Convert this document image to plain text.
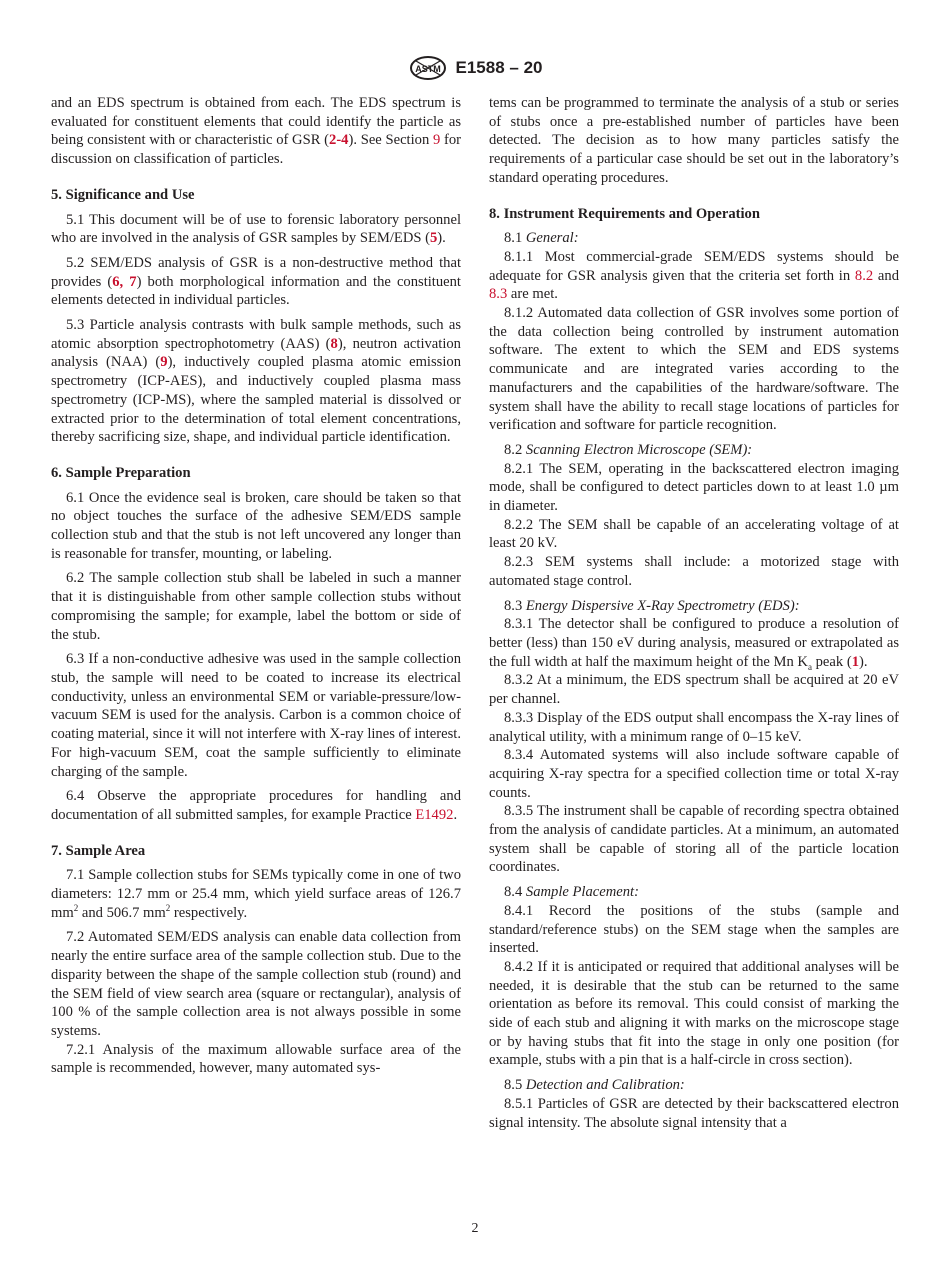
ASTM E1588 – 20

and an EDS spectrum is obtained from each. The EDS spectrum is evaluated for constituent elements that could identify the particle as being consistent with or characteristic of GSR (2-4). See Section 9 for discussion on classification of particles.

5. Significance and Use

5.1 This document will be of use to forensic laboratory personnel who are involved in the analysis of GSR samples by SEM/EDS (5).

5.2 SEM/EDS analysis of GSR is a non-destructive method that provides (6, 7) both morphological information and the constituent elements detected in individual particles.

5.3 Particle analysis contrasts with bulk sample methods, such as atomic absorption spectrophotometry (AAS) (8), neutron activation analysis (NAA) (9), inductively coupled plasma atomic emission spectrometry (ICP-AES), and inductively coupled plasma mass spectrometry (ICP-MS), where the sampled material is dissolved or extracted prior to the determination of total element concentrations, thereby sacrificing size, shape, and individual particle identification.

6. Sample Preparation

6.1 Once the evidence seal is broken, care should be taken so that no object touches the surface of the adhesive SEM/EDS sample collection stub and that the stub is not left uncovered any longer than is reasonable for transfer, mounting, or labeling.

6.2 The sample collection stub shall be labeled in such a manner that it is distinguishable from other sample collection stubs without compromising the sample; for example, label the bottom or side of the stub.

6.3 If a non-conductive adhesive was used in the sample collection stub, the sample will need to be coated to increase its electrical conductivity, unless an environmental SEM or variable-pressure/low-vacuum SEM is used for the analysis. Carbon is a common choice of coating material, since it will not interfere with X-ray lines of interest. For high-vacuum SEM, coat the sample sufficiently to eliminate charging of the sample.

6.4 Observe the appropriate procedures for handling and documentation of all submitted samples, for example Practice E1492.

7. Sample Area

7.1 Sample collection stubs for SEMs typically come in one of two diameters: 12.7 mm or 25.4 mm, which yield surface areas of 126.7 $mm^2$ and 506.7 $mm^2$ respectively.

7.2 Automated SEM/EDS analysis can enable data collection from nearly the entire surface area of the sample collection stub. Due to the disparity between the shape of the sample collection stub (round) and the SEM field of view search area (square or rectangular), analysis of 100 % of the sample collection area is not always possible in some systems.

7.2.1 Analysis of the maximum allowable surface area of the sample is recommended, however, many automated sys-

tems can be programmed to terminate the analysis of a stub or series of stubs once a pre-established number of particles have been detected. The decision as to how many particles satisfy the requirements of a particular case should be set out in the laboratory’s standard operating procedures.

8. Instrument Requirements and Operation

8.1 General:

8.1.1 Most commercial-grade SEM/EDS systems should be adequate for GSR analysis given that the criteria set forth in 8.2 and 8.3 are met.

8.1.2 Automated data collection of GSR involves some portion of the data collection being controlled by instrument automation software. The extent to which the SEM and EDS systems communicate and are integrated varies according to the manufacturers and the capabilities of the hardware/software. The system shall have the ability to recall stage locations of particles for verification and software for particle recognition.

8.2 Scanning Electron Microscope (SEM):

8.2.1 The SEM, operating in the backscattered electron imaging mode, shall be configured to detect particles down to at least 1.0 µm in diameter.

8.2.2 The SEM shall be capable of an accelerating voltage of at least 20 kV.

8.2.3 SEM systems shall include: a motorized stage with automated stage control.

8.3 Energy Dispersive X-Ray Spectrometry (EDS):

8.3.1 The detector shall be configured to produce a resolution of better (less) than 150 eV during analysis, measured or extrapolated as the full width at half the maximum height of the Mn $K_a$ peak (1).

8.3.2 At a minimum, the EDS spectrum shall be acquired at 20 eV per channel.

8.3.3 Display of the EDS output shall encompass the X-ray lines of analytical utility, with a minimum range of 0–15 keV.

8.3.4 Automated systems will also include software capable of acquiring X-ray spectra for a specified collection time or total X-ray counts.

8.3.5 The instrument shall be capable of recording spectra obtained from the analysis of candidate particles. At a minimum, an automated system shall be capable of storing all of the particle location coordinates.

8.4 Sample Placement:

8.4.1 Record the positions of the stubs (sample and standard/reference stubs) on the SEM stage when the samples are inserted.

8.4.2 If it is anticipated or required that additional analyses will be needed, it is desirable that the stub can be returned to the same orientation as before its removal. This could consist of marking the side of each stub and aligning it with marks on the microscope stage or by having stubs that fit into the stage in only one position (for example, stubs with a pin that is a half-circle in cross section).

8.5 Detection and Calibration:

8.5.1 Particles of GSR are detected by their backscattered electron signal intensity. The absolute signal intensity that a

2
